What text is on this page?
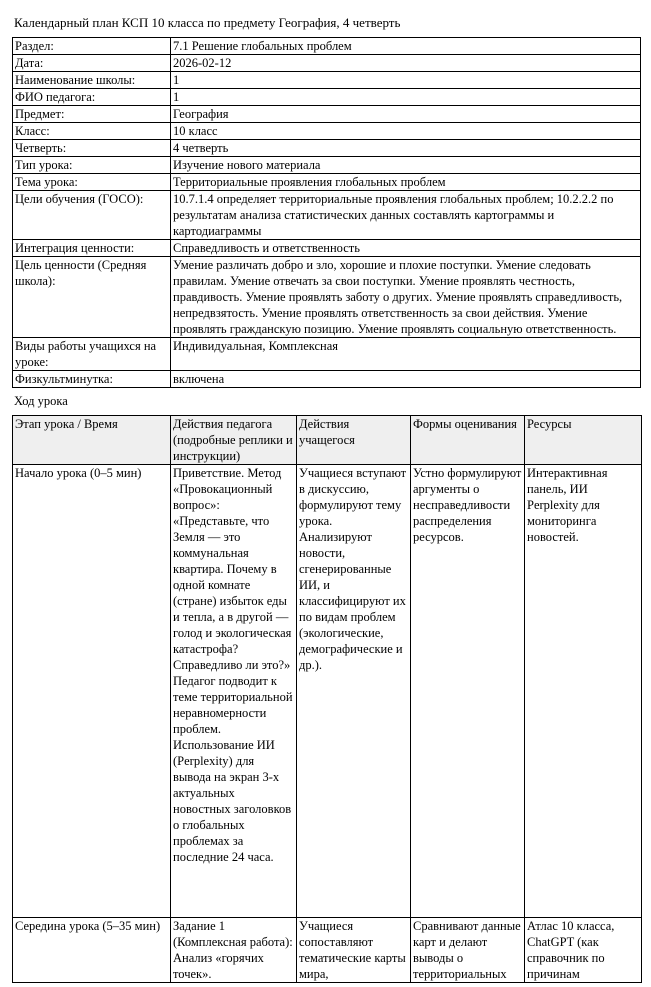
Календарный план КСП 10 класса по предмету География, 4 четверть
Раздел:	7.1 Решение глобальных проблем
Дата:	2026-02-12
Наименование школы:	1
ФИО педагога:	1
Предмет:	География
Класс:	10 класс
Четверть:	4 четверть
Тип урока:	Изучение нового материала
Тема урока:	Территориальные проявления глобальных проблем
Цели обучения (ГОСО):	10.7.1.4 определяет территориальные проявления глобальных проблем; 10.2.2.2 по результатам анализа статистических данных составлять картограммы и картодиаграммы
Интеграция ценности:	Справедливость и ответственность
Цель ценности (Средняя школа):	Умение различать добро и зло, хорошие и плохие поступки. Умение следовать правилам. Умение отвечать за свои поступки. Умение проявлять честность, правдивость. Умение проявлять заботу о других. Умение проявлять справедливость, непредвзятость. Умение проявлять ответственность за свои действия. Умение проявлять гражданскую позицию. Умение проявлять социальную ответственность.
Виды работы учащихся на уроке:	Индивидуальная, Комплексная
Физкультминутка:	включена
Ход урока
Этап урока / Время	Действия педагога (подробные реплики и инструкции)	Действия учащегося	Формы оценивания	Ресурсы
Начало урока (0–5 мин)	Приветствие. Метод «Провокационный вопрос»: «Представьте, что Земля — это коммунальная квартира. Почему в одной комнате (стране) избыток еды и тепла, а в другой — голод и экологическая катастрофа? Справедливо ли это?» Педагог подводит к теме территориальной неравномерности проблем. Использование ИИ (Perplexity) для вывода на экран 3-х актуальных новостных заголовков о глобальных проблемах за последние 24 часа.	Учащиеся вступают в дискуссию, формулируют тему урока. Анализируют новости, сгенерированные ИИ, и классифицируют их по видам проблем (экологические, демографические и др.).	Устно формулируют аргументы о несправедливости распределения ресурсов.	Интерактивная панель, ИИ Perplexity для мониторинга новостей.
Середина урока (5–35 мин)	Задание 1 (Комплексная работа): Анализ «горячих точек».	Учащиеся сопоставляют тематические карты мира,	Сравнивают данные карт и делают выводы о территориальных	Атлас 10 класса, ChatGPT (как справочник по причинам
